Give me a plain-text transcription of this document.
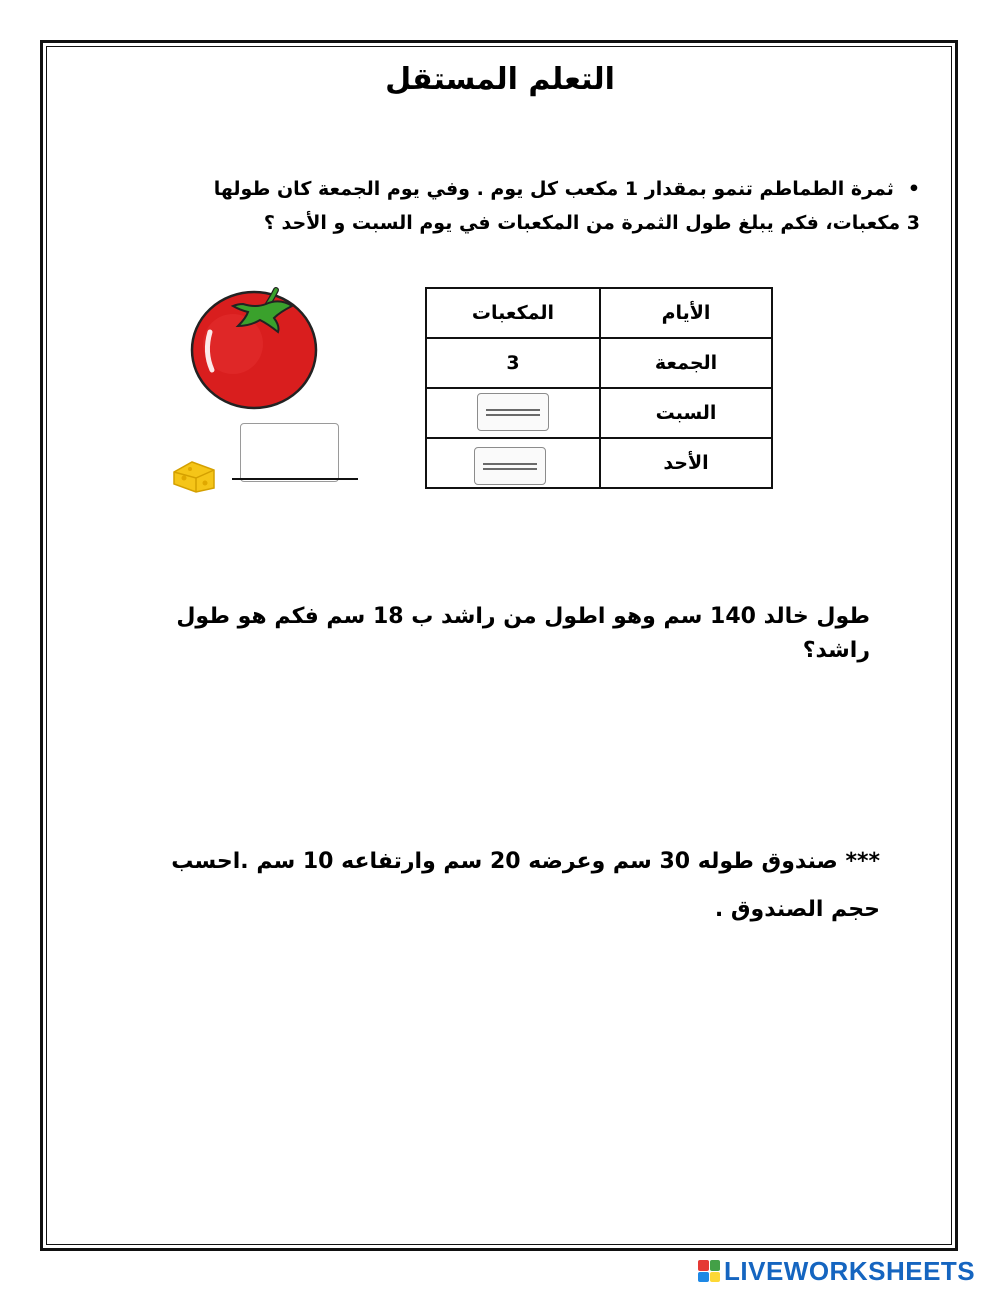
التعلم المستقل
•ثمرة الطماطم تنمو بمقدار 1 مكعب كل يوم . وفي يوم الجمعة كان طولها 3 مكعبات، فكم يبلغ طول الثمرة من المكعبات في يوم السبت و الأحد ؟
الأيام
المكعبات
الجمعة
3
السبت
الأحد
طول خالد 140 سم وهو اطول من راشد ب 18 سم فكم هو طول راشد؟
*** صندوق طوله 30 سم وعرضه 20 سم وارتفاعه 10 سم .احسب حجم الصندوق .
LIVEWORKSHEETS
